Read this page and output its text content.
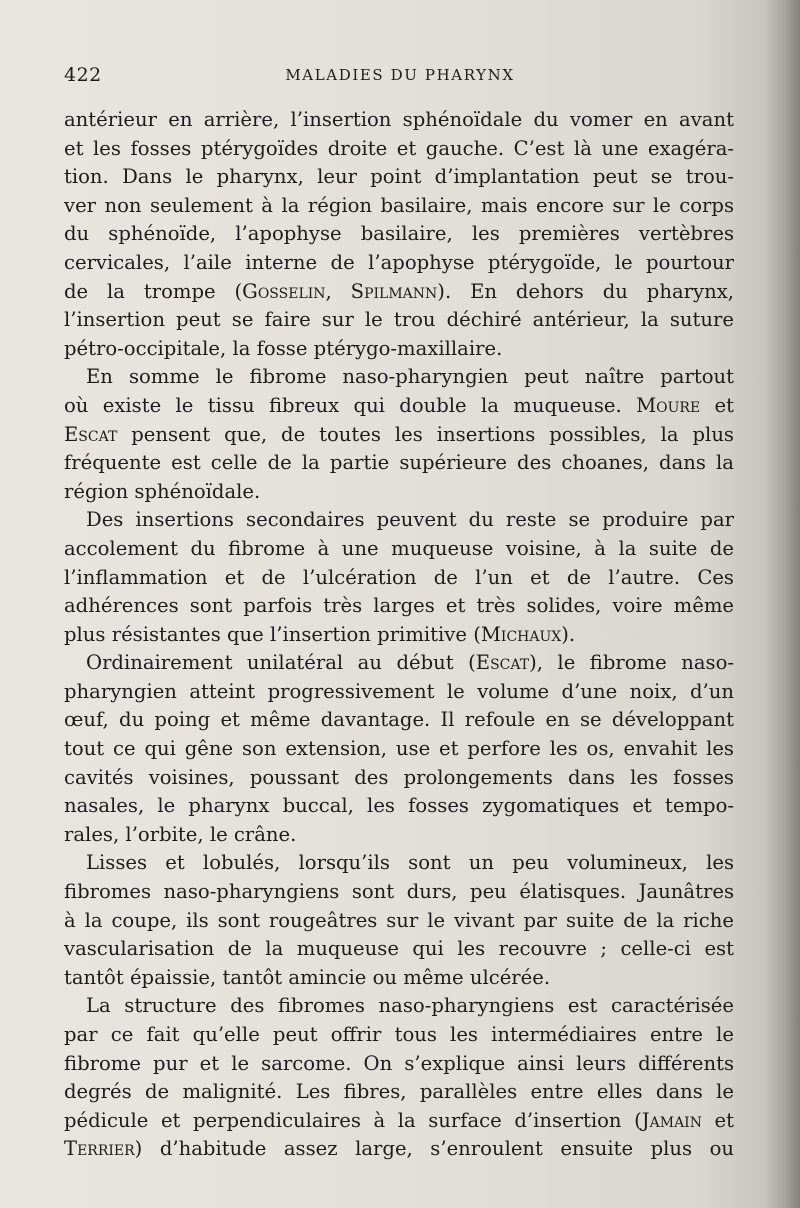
422	MALADIES DU PHARYNX
antérieur en arrière, l’insertion sphénoïdale du vomer en avant
et les fosses ptérygoïdes droite et gauche. C’est là une exagéra-
tion. Dans le pharynx, leur point d’implantation peut se trou-
ver non seulement à la région basilaire, mais encore sur le corps
du sphénoïde, l’apophyse basilaire, les premières vertèbres
cervicales, l’aile interne de l’apophyse ptérygoïde, le pourtour
de la trompe (Gosselin, Spilmann). En dehors du pharynx,
l’insertion peut se faire sur le trou déchiré antérieur, la suture
pétro-occipitale, la fosse ptérygo-maxillaire.
En somme le fibrome naso-pharyngien peut naître partout
où existe le tissu fibreux qui double la muqueuse. Moure et
Escat pensent que, de toutes les insertions possibles, la plus
fréquente est celle de la partie supérieure des choanes, dans la
région sphénoïdale.
Des insertions secondaires peuvent du reste se produire par
accolement du fibrome à une muqueuse voisine, à la suite de
l’inflammation et de l’ulcération de l’un et de l’autre. Ces
adhérences sont parfois très larges et très solides, voire même
plus résistantes que l’insertion primitive (Michaux).
Ordinairement unilatéral au début (Escat), le fibrome naso-
pharyngien atteint progressivement le volume d’une noix, d’un
œuf, du poing et même davantage. Il refoule en se développant
tout ce qui gêne son extension, use et perfore les os, envahit les
cavités voisines, poussant des prolongements dans les fosses
nasales, le pharynx buccal, les fosses zygomatiques et tempo-
rales, l’orbite, le crâne.
Lisses et lobulés, lorsqu’ils sont un peu volumineux, les
fibromes naso-pharyngiens sont durs, peu élatisques. Jaunâtres
à la coupe, ils sont rougeâtres sur le vivant par suite de la riche
vascularisation de la muqueuse qui les recouvre ; celle-ci est
tantôt épaissie, tantôt amincie ou même ulcérée.
La structure des fibromes naso-pharyngiens est caractérisée
par ce fait qu’elle peut offrir tous les intermédiaires entre le
fibrome pur et le sarcome. On s’explique ainsi leurs différents
degrés de malignité. Les fibres, parallèles entre elles dans le
pédicule et perpendiculaires à la surface d’insertion (Jamain et
Terrier) d’habitude assez large, s’enroulent ensuite plus ou
